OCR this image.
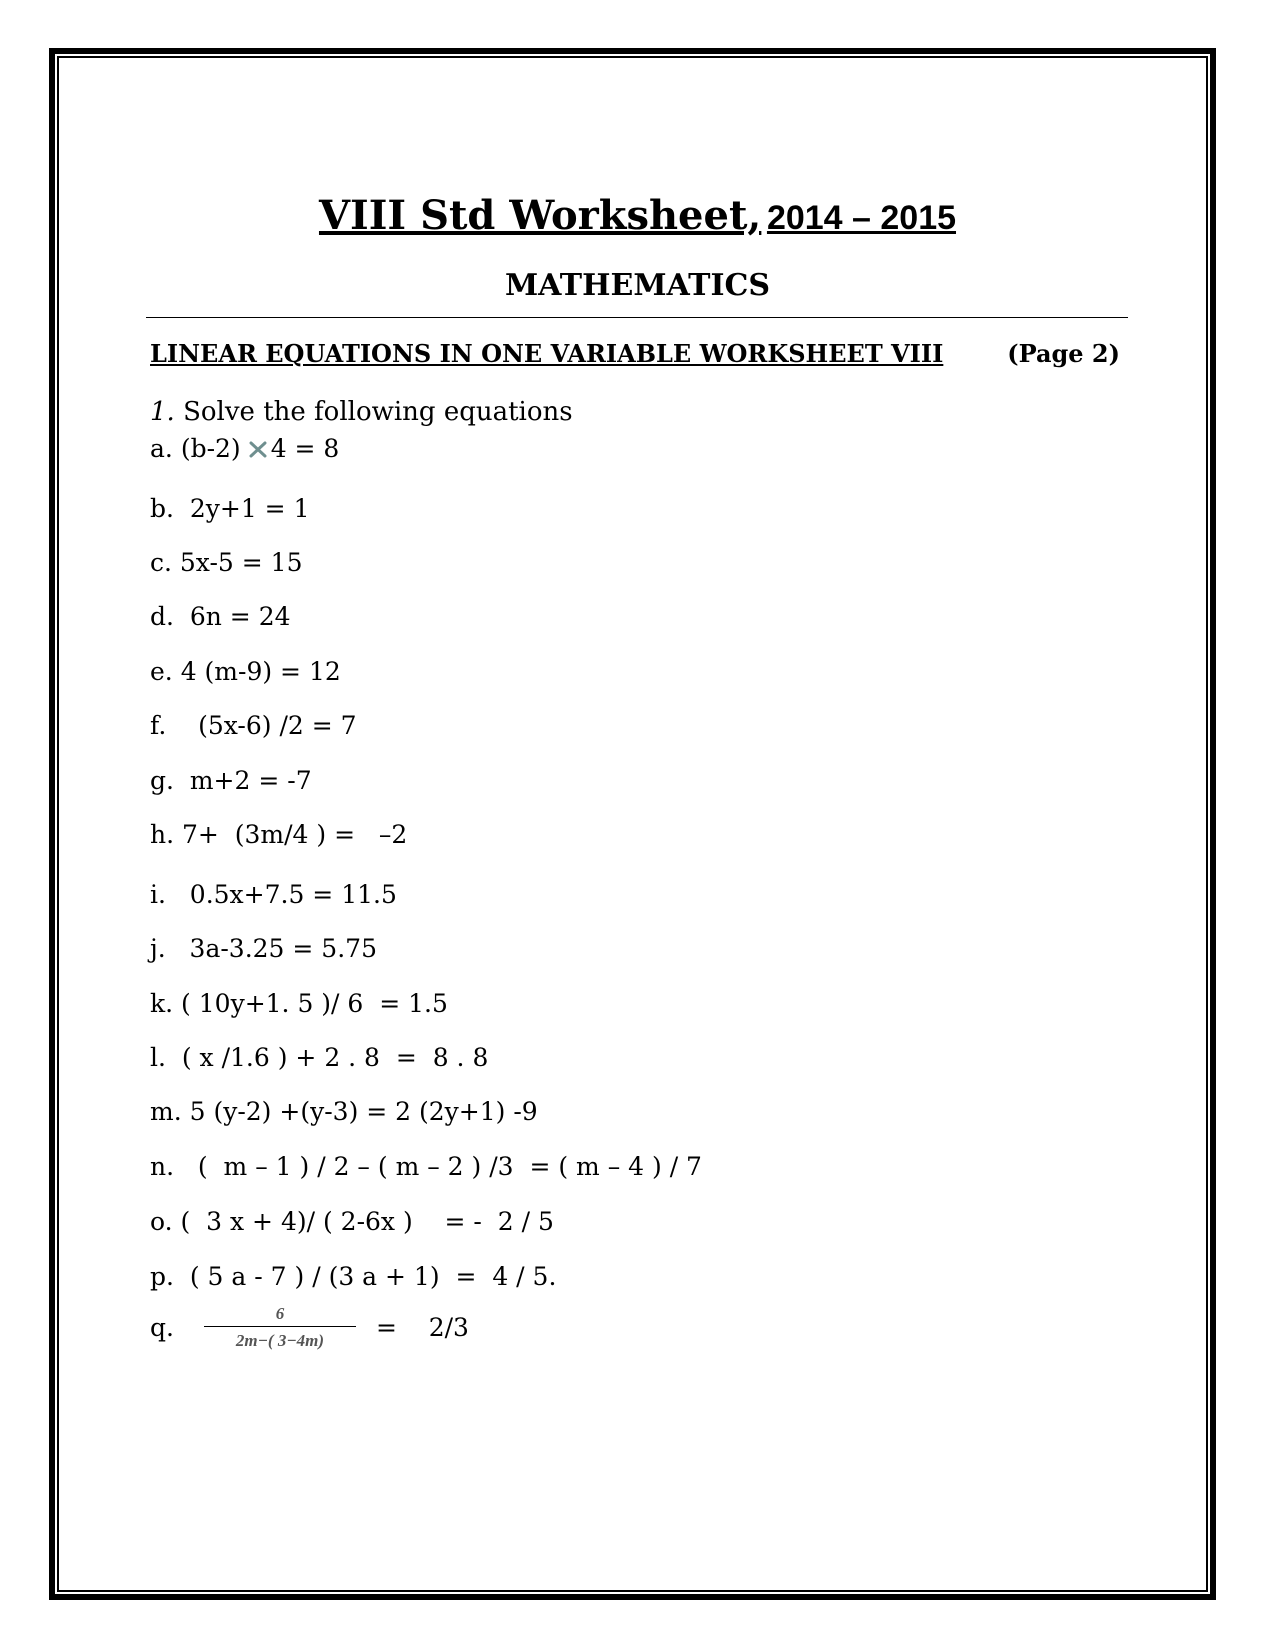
VIII Std Worksheet, 2014 – 2015
MATHEMATICS
LINEAR EQUATIONS IN ONE VARIABLE WORKSHEET VIII	(Page 2)
1. Solve the following equations
a. (b-2) 4 = 8
b.  2y+1 = 1
c. 5x-5 = 15
d.  6n = 24
e. 4 (m-9) = 12
f.    (5x-6) /2 = 7
g.  m+2 = -7
h. 7+  (3m/4 ) =   –2
i.   0.5x+7.5 = 11.5
j.   3a-3.25 = 5.75
k. ( 10y+1. 5 )/ 6  = 1.5
l.  ( x /1.6 ) + 2 . 8  =  8 . 8
m. 5 (y-2) +(y-3) = 2 (2y+1) -9
n.   (  m – 1 ) / 2 – ( m – 2 ) /3  = ( m – 4 ) / 7
o. (  3 x + 4)/ ( 2-6x )    = -  2 / 5
p.  ( 5 a - 7 ) / (3 a + 1)  =  4 / 5.
q. $\frac{6}{2m-( 3-4m)}$ =    2/3
